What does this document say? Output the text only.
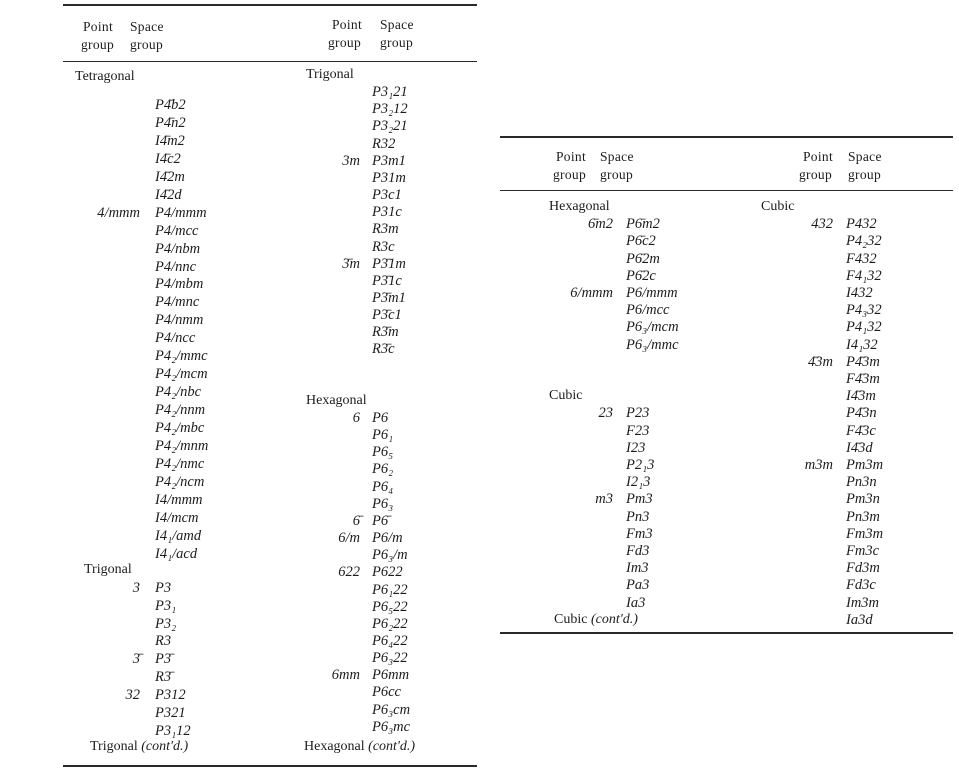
Point
group
Space
group
Point
group
Space
group
Point
group
Space
group
Point
group
Space
group
Tetragonal
P4̄b2
P4̄n2
I4̄m2
I4̄c2
I4̄2m
I4̄2d
4/mmm P4/mmm
P4/mcc
P4/nbm
P4/nnc
P4/mbm
P4/mnc
P4/nmm
P4/ncc
P4₂/mmc
P4₂/mcm
P4₂/nbc
P4₂/nnm
P4₂/mbc
P4₂/mnm
P4₂/nmc
P4₂/ncm
I4/mmm
I4/mcm
I4₁/amd
I4₁/acd
Trigonal
3 P3
P3₁
P3₂
R3
3̄ P3̄
R3̄
32 P312
P321
P3₁12
Trigonal
P3₁21
P3₂12
P3₂21
R32
3m P3m1
P31m
P3c1
P31c
R3m
R3c
3̄m P3̄1m
P3̄1c
P3̄m1
P3̄c1
R3̄m
R3̄c
Hexagonal
6 P6
P6₁
P6₅
P6₂
P6₄
P6₃
6̄ P6̄
6/m P6/m
P6₃/m
622 P622
P6₁22
P6₅22
P6₂22
P6₄22
P6₃22
6mm P6mm
P6cc
P6₃cm
P6₃mc
Hexagonal
6̄m2 P6̄m2
P6̄c2
P6̄2m
P6̄2c
6/mmm P6/mmm
P6/mcc
P6₃/mcm
P6₃/mmc
Cubic
23 P23
F23
I23
P2₁3
I2₁3
m3 Pm3
Pn3
Fm3
Fd3
Im3
Pa3
Ia3
Cubic
432 P432
P4₂32
F432
F4₁32
I432
P4₃32
P4₁32
I4₁32
4̄3m P4̄3m
F4̄3m
I4̄3m
P4̄3n
F4̄3c
I4̄3d
m3m Pm3m
Pn3n
Pm3n
Pn3m
Fm3m
Fm3c
Fd3m
Fd3c
Im3m
Ia3d
Trigonal (cont'd.)	Hexagonal (cont'd.)
Cubic (cont'd.)
